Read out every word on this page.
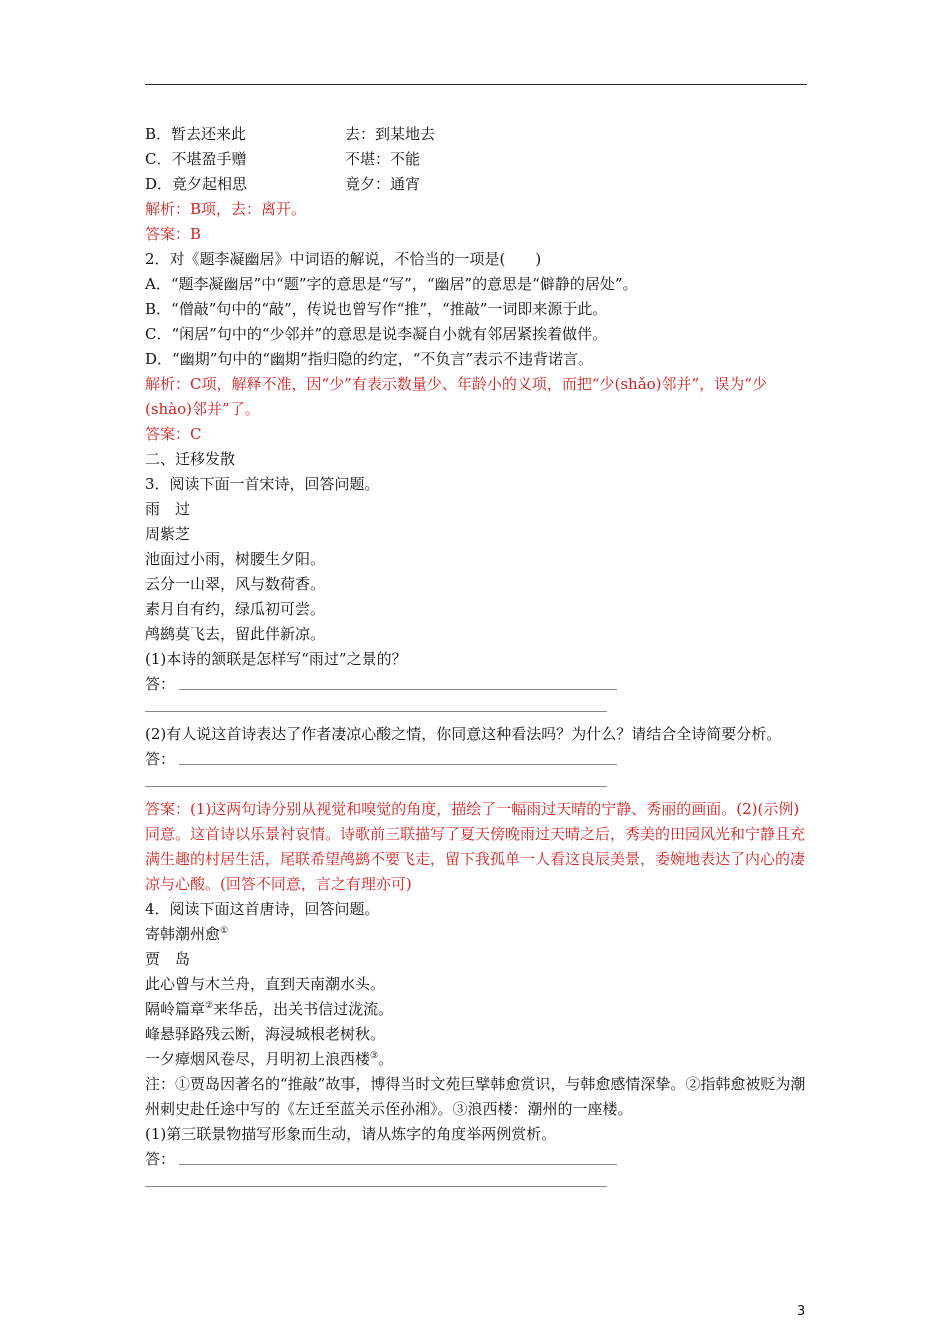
B．暂去还来此	去：到某地去
C．不堪盈手赠	不堪：不能
D．竟夕起相思	竟夕：通宵
解析：B项，去：离开。
答案：B
2．对《题李凝幽居》中词语的解说，不恰当的一项是(　　)
A．“题李凝幽居”中“题”字的意思是“写”，“幽居”的意思是“僻静的居处”。
B．“僧敲”句中的“敲”，传说也曾写作“推”，“推敲”一词即来源于此。
C．“闲居”句中的“少邻并”的意思是说李凝自小就有邻居紧挨着做伴。
D．“幽期”句中的“幽期”指归隐的约定，“不负言”表示不违背诺言。
解析：C项，解释不准，因“少”有表示数量少、年龄小的义项，而把“少(shǎo)邻并”，误为“少(shào)邻并”了。
答案：C
二、迁移发散
3．阅读下面一首宋诗，回答问题。
雨　过
周紫芝
池面过小雨，树腰生夕阳。
云分一山翠，风与数荷香。
素月自有约，绿瓜初可尝。
鸬鹚莫飞去，留此伴新凉。
(1)本诗的颔联是怎样写“雨过”之景的？
答：
(2)有人说这首诗表达了作者凄凉心酸之情，你同意这种看法吗？为什么？请结合全诗简要分析。
答：
答案：(1)这两句诗分别从视觉和嗅觉的角度，描绘了一幅雨过天晴的宁静、秀丽的画面。(2)(示例)同意。这首诗以乐景衬哀情。诗歌前三联描写了夏天傍晚雨过天晴之后，秀美的田园风光和宁静且充满生趣的村居生活，尾联希望鸬鹚不要飞走，留下我孤单一人看这良辰美景，委婉地表达了内心的凄凉与心酸。(回答不同意，言之有理亦可)
4．阅读下面这首唐诗，回答问题。
寄韩潮州愈①
贾　岛
此心曾与木兰舟，直到天南潮水头。
隔岭篇章②来华岳，出关书信过泷流。
峰悬驿路残云断，海浸城根老树秋。
一夕瘴烟风卷尽，月明初上浪西楼③。
注：①贾岛因著名的“推敲”故事，博得当时文苑巨擘韩愈赏识，与韩愈感情深挚。②指韩愈被贬为潮州刺史赴任途中写的《左迁至蓝关示侄孙湘》。③浪西楼：潮州的一座楼。
(1)第三联景物描写形象而生动，请从炼字的角度举两例赏析。
答：
3
